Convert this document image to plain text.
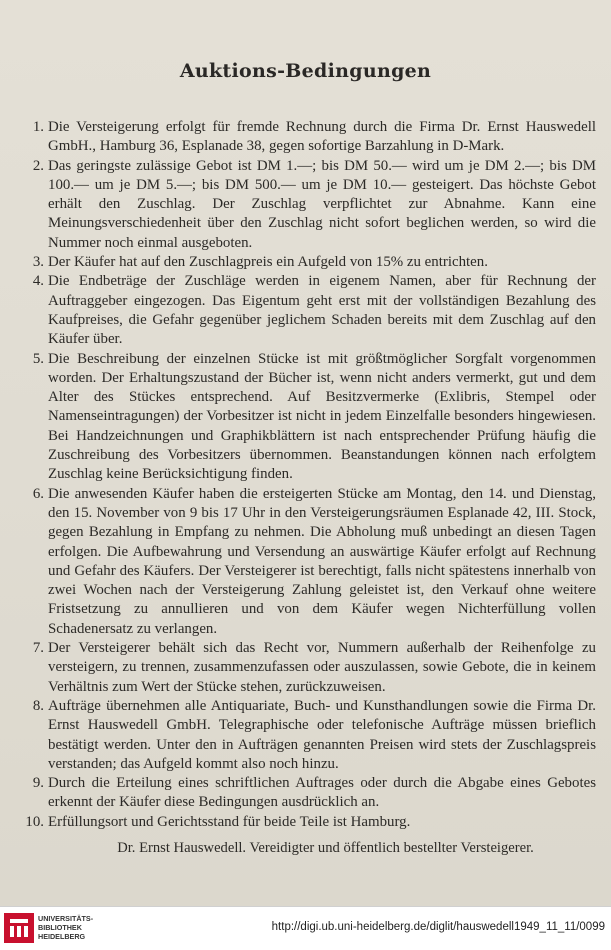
Auktions-Bedingungen
1. Die Versteigerung erfolgt für fremde Rechnung durch die Firma Dr. Ernst Hauswedell GmbH., Hamburg 36, Esplanade 38, gegen sofortige Barzahlung in D-Mark.
2. Das geringste zulässige Gebot ist DM 1.—; bis DM 50.— wird um je DM 2.—; bis DM 100.— um je DM 5.—; bis DM 500.— um je DM 10.— gesteigert. Das höchste Gebot erhält den Zuschlag. Der Zuschlag verpflichtet zur Abnahme. Kann eine Meinungsverschiedenheit über den Zuschlag nicht sofort beglichen werden, so wird die Nummer noch einmal ausgeboten.
3. Der Käufer hat auf den Zuschlagpreis ein Aufgeld von 15% zu entrichten.
4. Die Endbeträge der Zuschläge werden in eigenem Namen, aber für Rechnung der Auftraggeber eingezogen. Das Eigentum geht erst mit der vollständigen Bezahlung des Kaufpreises, die Gefahr gegenüber jeglichem Schaden bereits mit dem Zuschlag auf den Käufer über.
5. Die Beschreibung der einzelnen Stücke ist mit größtmöglicher Sorgfalt vorgenommen worden. Der Erhaltungszustand der Bücher ist, wenn nicht anders vermerkt, gut und dem Alter des Stückes entsprechend. Auf Besitzvermerke (Exlibris, Stempel oder Namenseintragungen) der Vorbesitzer ist nicht in jedem Einzelfalle besonders hingewiesen. Bei Handzeichnungen und Graphikblättern ist nach entsprechender Prüfung häufig die Zuschreibung des Vorbesitzers übernommen. Beanstandungen können nach erfolgtem Zuschlag keine Berücksichtigung finden.
6. Die anwesenden Käufer haben die ersteigerten Stücke am Montag, den 14. und Dienstag, den 15. November von 9 bis 17 Uhr in den Versteigerungsräumen Esplanade 42, III. Stock, gegen Bezahlung in Empfang zu nehmen. Die Abholung muß unbedingt an diesen Tagen erfolgen. Die Aufbewahrung und Versendung an auswärtige Käufer erfolgt auf Rechnung und Gefahr des Käufers. Der Versteigerer ist berechtigt, falls nicht spätestens innerhalb von zwei Wochen nach der Versteigerung Zahlung geleistet ist, den Verkauf ohne weitere Fristsetzung zu annullieren und von dem Käufer wegen Nichterfüllung vollen Schadenersatz zu verlangen.
7. Der Versteigerer behält sich das Recht vor, Nummern außerhalb der Reihenfolge zu versteigern, zu trennen, zusammenzufassen oder auszulassen, sowie Gebote, die in keinem Verhältnis zum Wert der Stücke stehen, zurückzuweisen.
8. Aufträge übernehmen alle Antiquariate, Buch- und Kunsthandlungen sowie die Firma Dr. Ernst Hauswedell GmbH. Telegraphische oder telefonische Aufträge müssen brieflich bestätigt werden. Unter den in Aufträgen genannten Preisen wird stets der Zuschlagspreis verstanden; das Aufgeld kommt also noch hinzu.
9. Durch die Erteilung eines schriftlichen Auftrages oder durch die Abgabe eines Gebotes erkennt der Käufer diese Bedingungen ausdrücklich an.
10. Erfüllungsort und Gerichtsstand für beide Teile ist Hamburg.
Dr. Ernst Hauswedell. Vereidigter und öffentlich bestellter Versteigerer.
UNIVERSITÄTS-
BIBLIOTHEK
HEIDELBERG
http://digi.ub.uni-heidelberg.de/diglit/hauswedell1949_11_11/0099
